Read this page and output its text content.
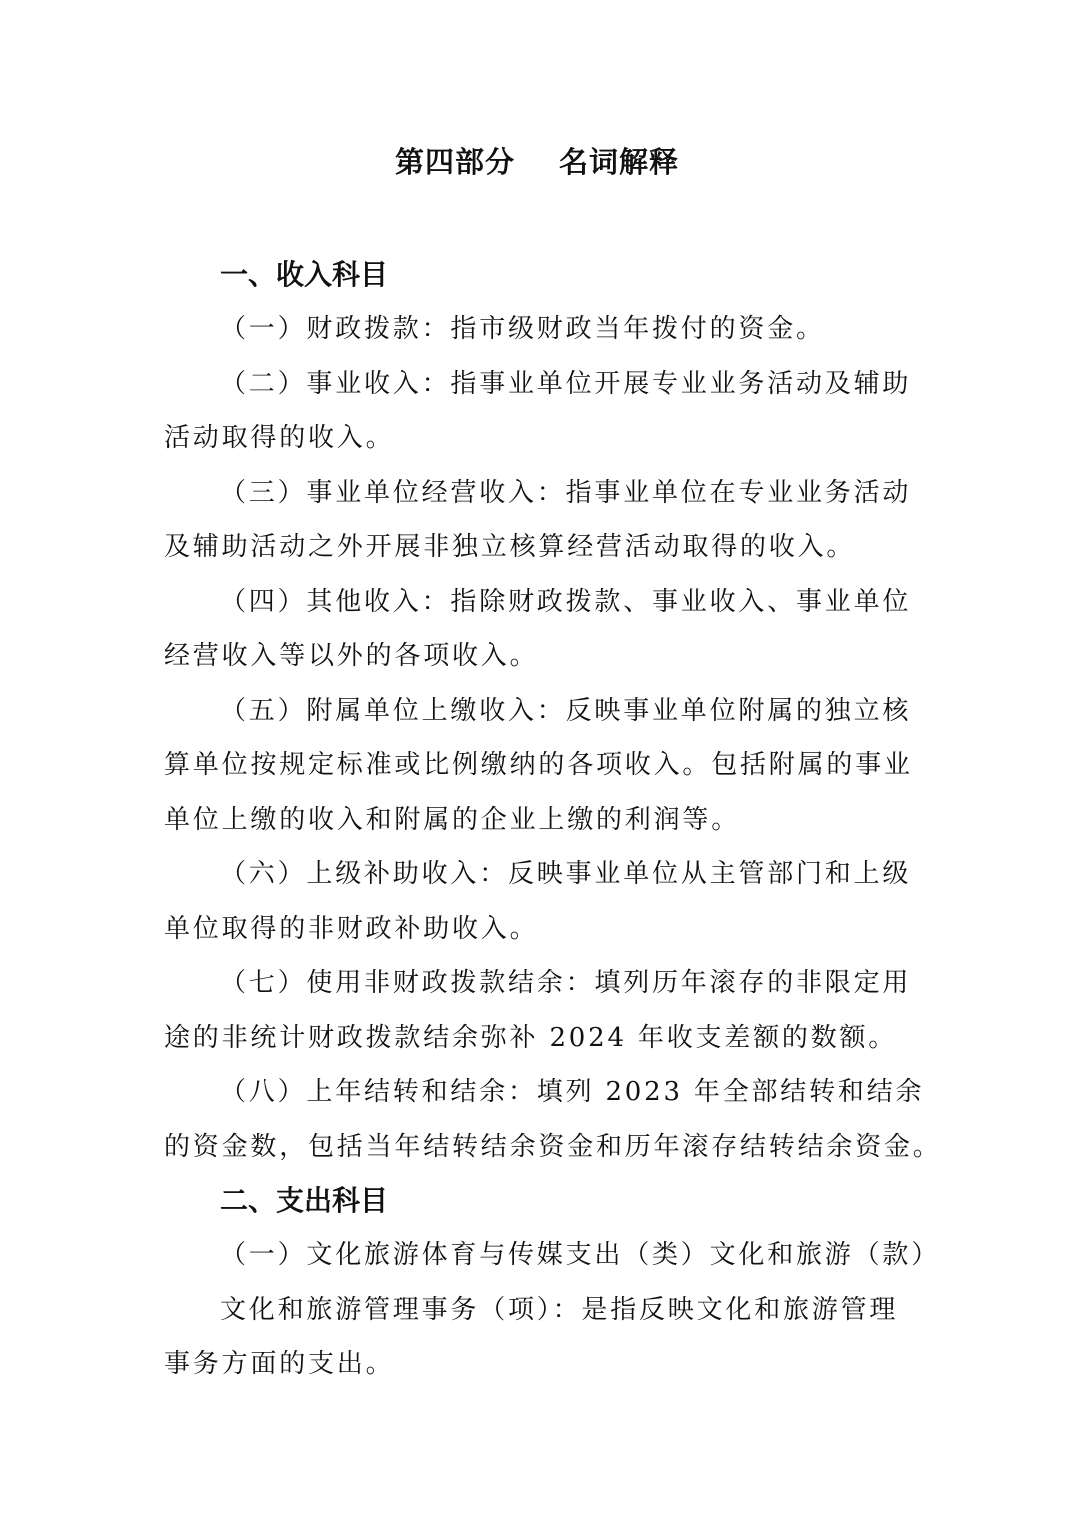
第四部分 名词解释
一、收入科目
（一）财政拨款：指市级财政当年拨付的资金。
（二）事业收入：指事业单位开展专业业务活动及辅助
活动取得的收入。
（三）事业单位经营收入：指事业单位在专业业务活动
及辅助活动之外开展非独立核算经营活动取得的收入。
（四）其他收入：指除财政拨款、事业收入、事业单位
经营收入等以外的各项收入。
（五）附属单位上缴收入：反映事业单位附属的独立核
算单位按规定标准或比例缴纳的各项收入。包括附属的事业
单位上缴的收入和附属的企业上缴的利润等。
（六）上级补助收入：反映事业单位从主管部门和上级
单位取得的非财政补助收入。
（七）使用非财政拨款结余：填列历年滚存的非限定用
途的非统计财政拨款结余弥补 2024 年收支差额的数额。
（八）上年结转和结余：填列 2023 年全部结转和结余
的资金数，包括当年结转结余资金和历年滚存结转结余资金。
二、支出科目
（一）文化旅游体育与传媒支出（类）文化和旅游（款）
文化和旅游管理事务（项）：是指反映文化和旅游管理
事务方面的支出。
